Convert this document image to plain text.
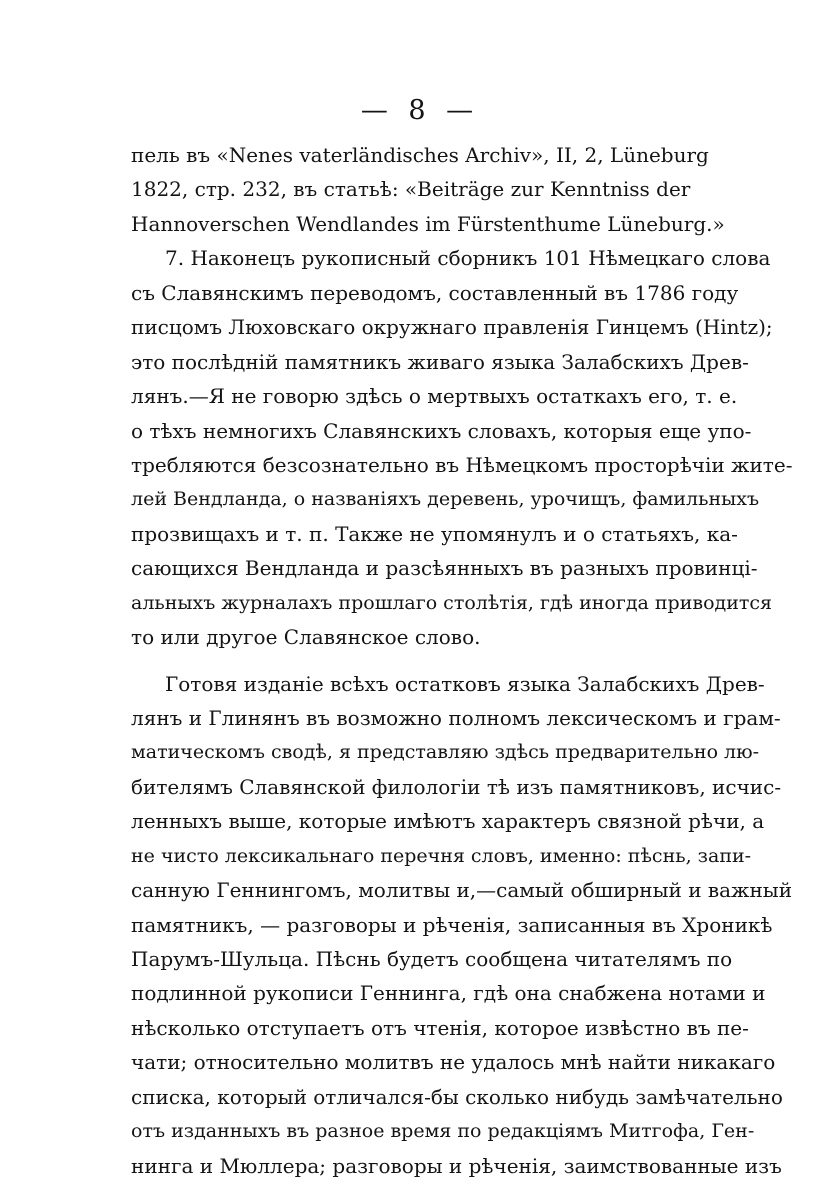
— 8 —
пель въ «Nenes vaterländisches Archiv», II, 2, Lüneburg
1822, стр. 232, въ статьѣ: «Beiträge zur Kenntniss der
Hannoverschen Wendlandes im Fürstenthume Lüneburg.»
7. Наконецъ рукописный сборникъ 101 Нѣмецкаго слова
съ Славянскимъ переводомъ, составленный въ 1786 году
писцомъ Люховскаго окружнаго правленія Гинцемъ (Hintz);
это послѣдній памятникъ живаго языка Залабскихъ Древ-
лянъ.—Я не говорю здѣсь о мертвыхъ остаткахъ его, т. е.
о тѣхъ немногихъ Славянскихъ словахъ, которыя еще упо-
требляются безсознательно въ Нѣмецкомъ просторѣчіи жите-
лей Вендланда, о названіяхъ деревень, урочищъ, фамильныхъ
прозвищахъ и т. п. Также не упомянулъ и о статьяхъ, ка-
сающихся Вендланда и разсѣянныхъ въ разныхъ провинці-
альныхъ журналахъ прошлаго столѣтія, гдѣ иногда приводится
то или другое Славянское слово.
Готовя изданіе всѣхъ остатковъ языка Залабскихъ Древ-
лянъ и Глинянъ въ возможно полномъ лексическомъ и грам-
матическомъ сводѣ, я представляю здѣсь предварительно лю-
бителямъ Славянской филологіи тѣ изъ памятниковъ, исчис-
ленныхъ выше, которые имѣютъ характеръ связной рѣчи, а
не чисто лексикальнаго перечня словъ, именно: пѣснь, запи-
санную Геннингомъ, молитвы и,—самый обширный и важный
памятникъ, — разговоры и рѣченія, записанныя въ Хроникѣ
Парумъ-Шульца. Пѣснь будетъ сообщена читателямъ по
подлинной рукописи Геннинга, гдѣ она снабжена нотами и
нѣсколько отступаетъ отъ чтенія, которое извѣстно въ пе-
чати; относительно молитвъ не удалось мнѣ найти никакаго
списка, который отличался-бы сколько нибудь замѣчательно
отъ изданныхъ въ разное время по редакціямъ Митгофа, Ген-
нинга и Мюллера; разговоры и рѣченія, заимствованные изъ
